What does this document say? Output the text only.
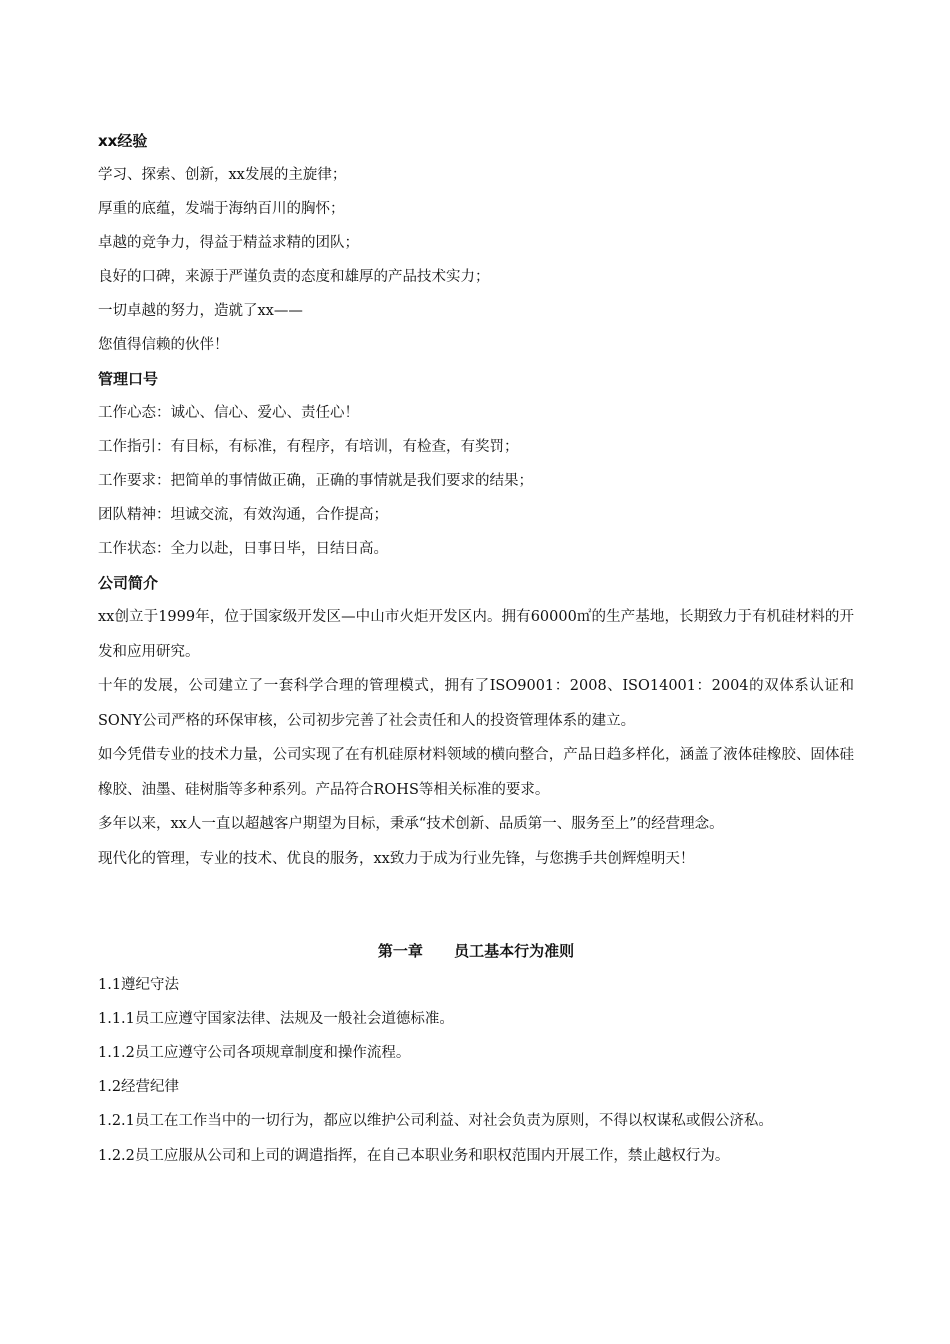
xx经验
学习、探索、创新，xx发展的主旋律；
厚重的底蕴，发端于海纳百川的胸怀；
卓越的竞争力，得益于精益求精的团队；
良好的口碑，来源于严谨负责的态度和雄厚的产品技术实力；
一切卓越的努力，造就了xx——
您值得信赖的伙伴！
管理口号
工作心态：诚心、信心、爱心、责任心！
工作指引：有目标，有标准，有程序，有培训，有检查，有奖罚；
工作要求：把简单的事情做正确，正确的事情就是我们要求的结果；
团队精神：坦诚交流，有效沟通，合作提高；
工作状态：全力以赴，日事日毕，日结日高。
公司简介
xx创立于1999年，位于国家级开发区—中山市火炬开发区内。拥有60000㎡的生产基地，长期致力于有机硅材料的开发和应用研究。
十年的发展，公司建立了一套科学合理的管理模式，拥有了ISO9001：2008、ISO14001：2004的双体系认证和SONY公司严格的环保审核，公司初步完善了社会责任和人的投资管理体系的建立。
如今凭借专业的技术力量，公司实现了在有机硅原材料领域的横向整合，产品日趋多样化，涵盖了液体硅橡胶、固体硅橡胶、油墨、硅树脂等多种系列。产品符合ROHS等相关标准的要求。
多年以来，xx人一直以超越客户期望为目标，秉承“技术创新、品质第一、服务至上”的经营理念。
现代化的管理，专业的技术、优良的服务，xx致力于成为行业先锋，与您携手共创辉煌明天！
第一章      员工基本行为准则
1.1遵纪守法
1.1.1员工应遵守国家法律、法规及一般社会道德标准。
1.1.2员工应遵守公司各项规章制度和操作流程。
1.2经营纪律
1.2.1员工在工作当中的一切行为，都应以维护公司利益、对社会负责为原则，不得以权谋私或假公济私。
1.2.2员工应服从公司和上司的调遣指挥，在自己本职业务和职权范围内开展工作，禁止越权行为。
